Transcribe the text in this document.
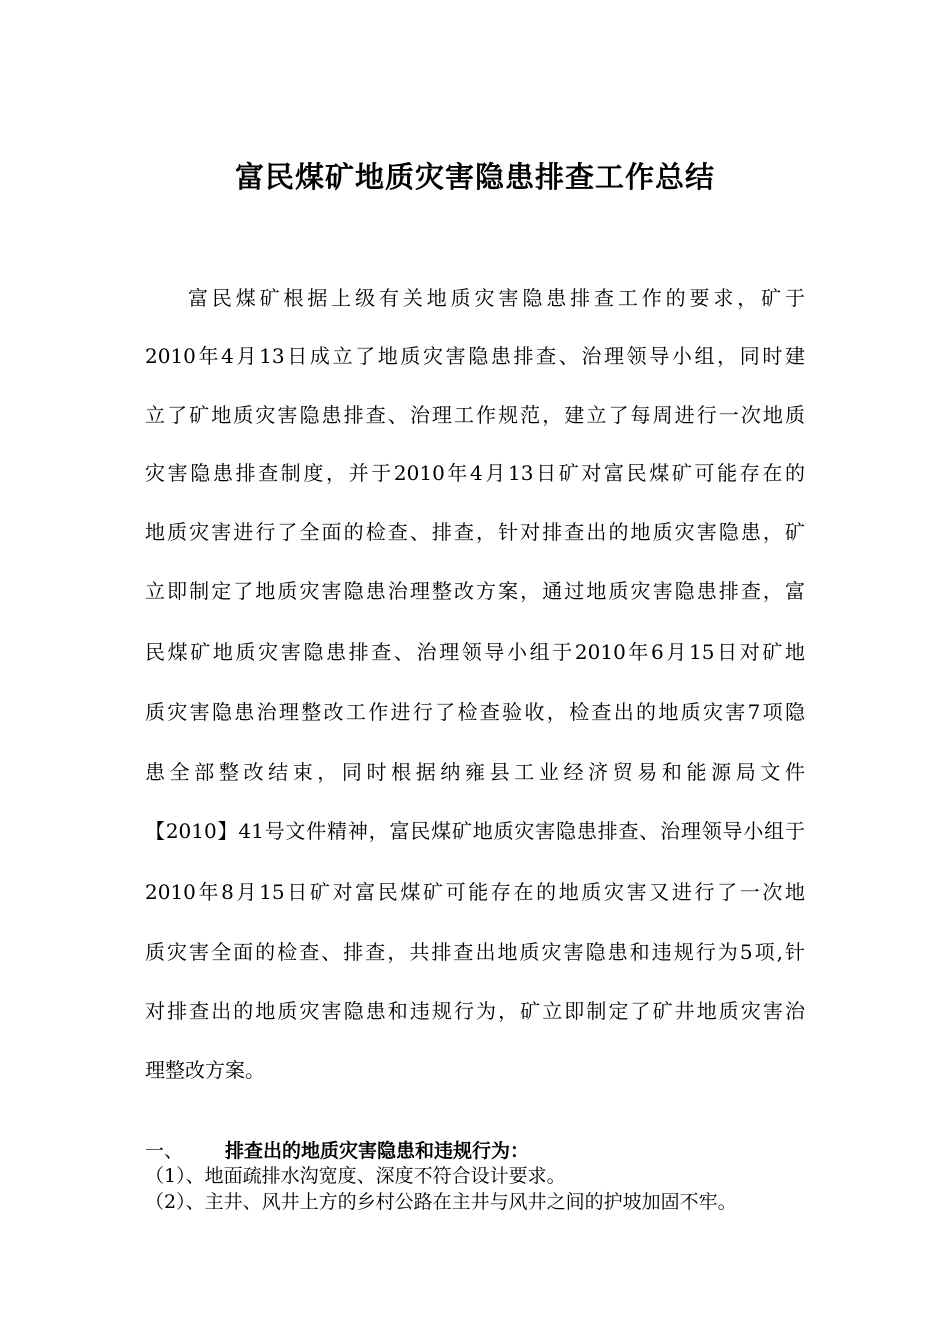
富民煤矿地质灾害隐患排查工作总结
富民煤矿根据上级有关地质灾害隐患排查工作的要求，矿于
2010年4月13日成立了地质灾害隐患排查、治理领导小组，同时建
立了矿地质灾害隐患排查、治理工作规范，建立了每周进行一次地质
灾害隐患排查制度，并于2010年4月13日矿对富民煤矿可能存在的
地质灾害进行了全面的检查、排查，针对排查出的地质灾害隐患，矿
立即制定了地质灾害隐患治理整改方案，通过地质灾害隐患排查，富
民煤矿地质灾害隐患排查、治理领导小组于2010年6月15日对矿地
质灾害隐患治理整改工作进行了检查验收，检查出的地质灾害7项隐
患全部整改结束，同时根据纳雍县工业经济贸易和能源局文件
【2010】41号文件精神，富民煤矿地质灾害隐患排查、治理领导小组于
2010年8月15日矿对富民煤矿可能存在的地质灾害又进行了一次地
质灾害全面的检查、排查，共排查出地质灾害隐患和违规行为5项,针
对排查出的地质灾害隐患和违规行为，矿立即制定了矿井地质灾害治
理整改方案。
一、 排查出的地质灾害隐患和违规行为：
（1）、地面疏排水沟宽度、深度不符合设计要求。
（2）、主井、风井上方的乡村公路在主井与风井之间的护坡加固不牢。
